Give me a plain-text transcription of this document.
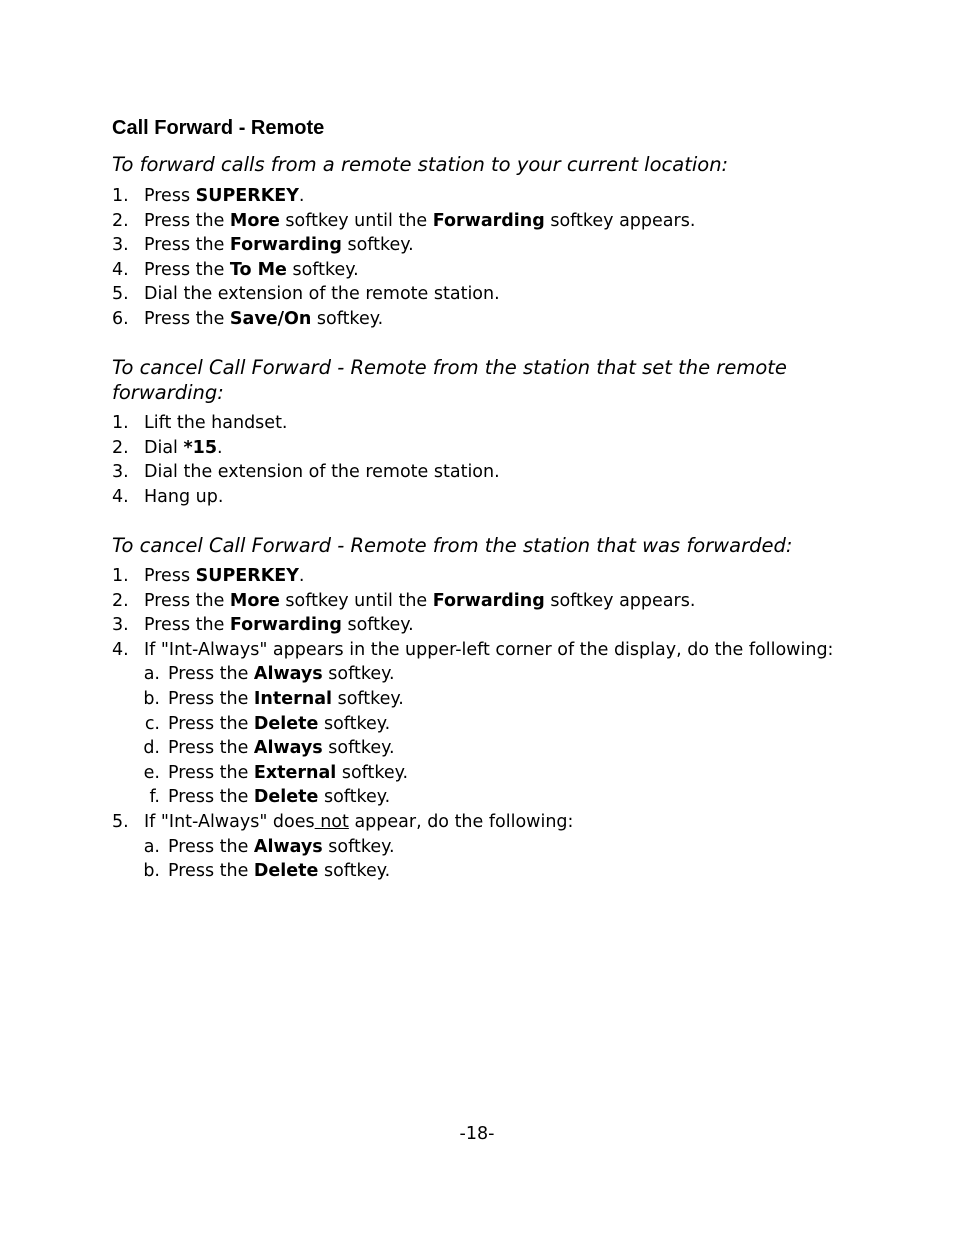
Call Forward - Remote

To forward calls from a remote station to your current location:

1. Press SUPERKEY.
2. Press the More softkey until the Forwarding softkey appears.
3. Press the Forwarding softkey.
4. Press the To Me softkey.
5. Dial the extension of the remote station.
6. Press the Save/On softkey.

To cancel Call Forward - Remote from the station that set the remote forwarding:

1. Lift the handset.
2. Dial *15.
3. Dial the extension of the remote station.
4. Hang up.

To cancel Call Forward - Remote from the station that was forwarded:

1. Press SUPERKEY.
2. Press the More softkey until the Forwarding softkey appears.
3. Press the Forwarding softkey.
4. If "Int-Always" appears in the upper-left corner of the display, do the following:
a. Press the Always softkey.
b. Press the Internal softkey.
c. Press the Delete softkey.
d. Press the Always softkey.
e. Press the External softkey.
f. Press the Delete softkey.
5. If "Int-Always" does not appear, do the following:
a. Press the Always softkey.
b. Press the Delete softkey.

-18-
